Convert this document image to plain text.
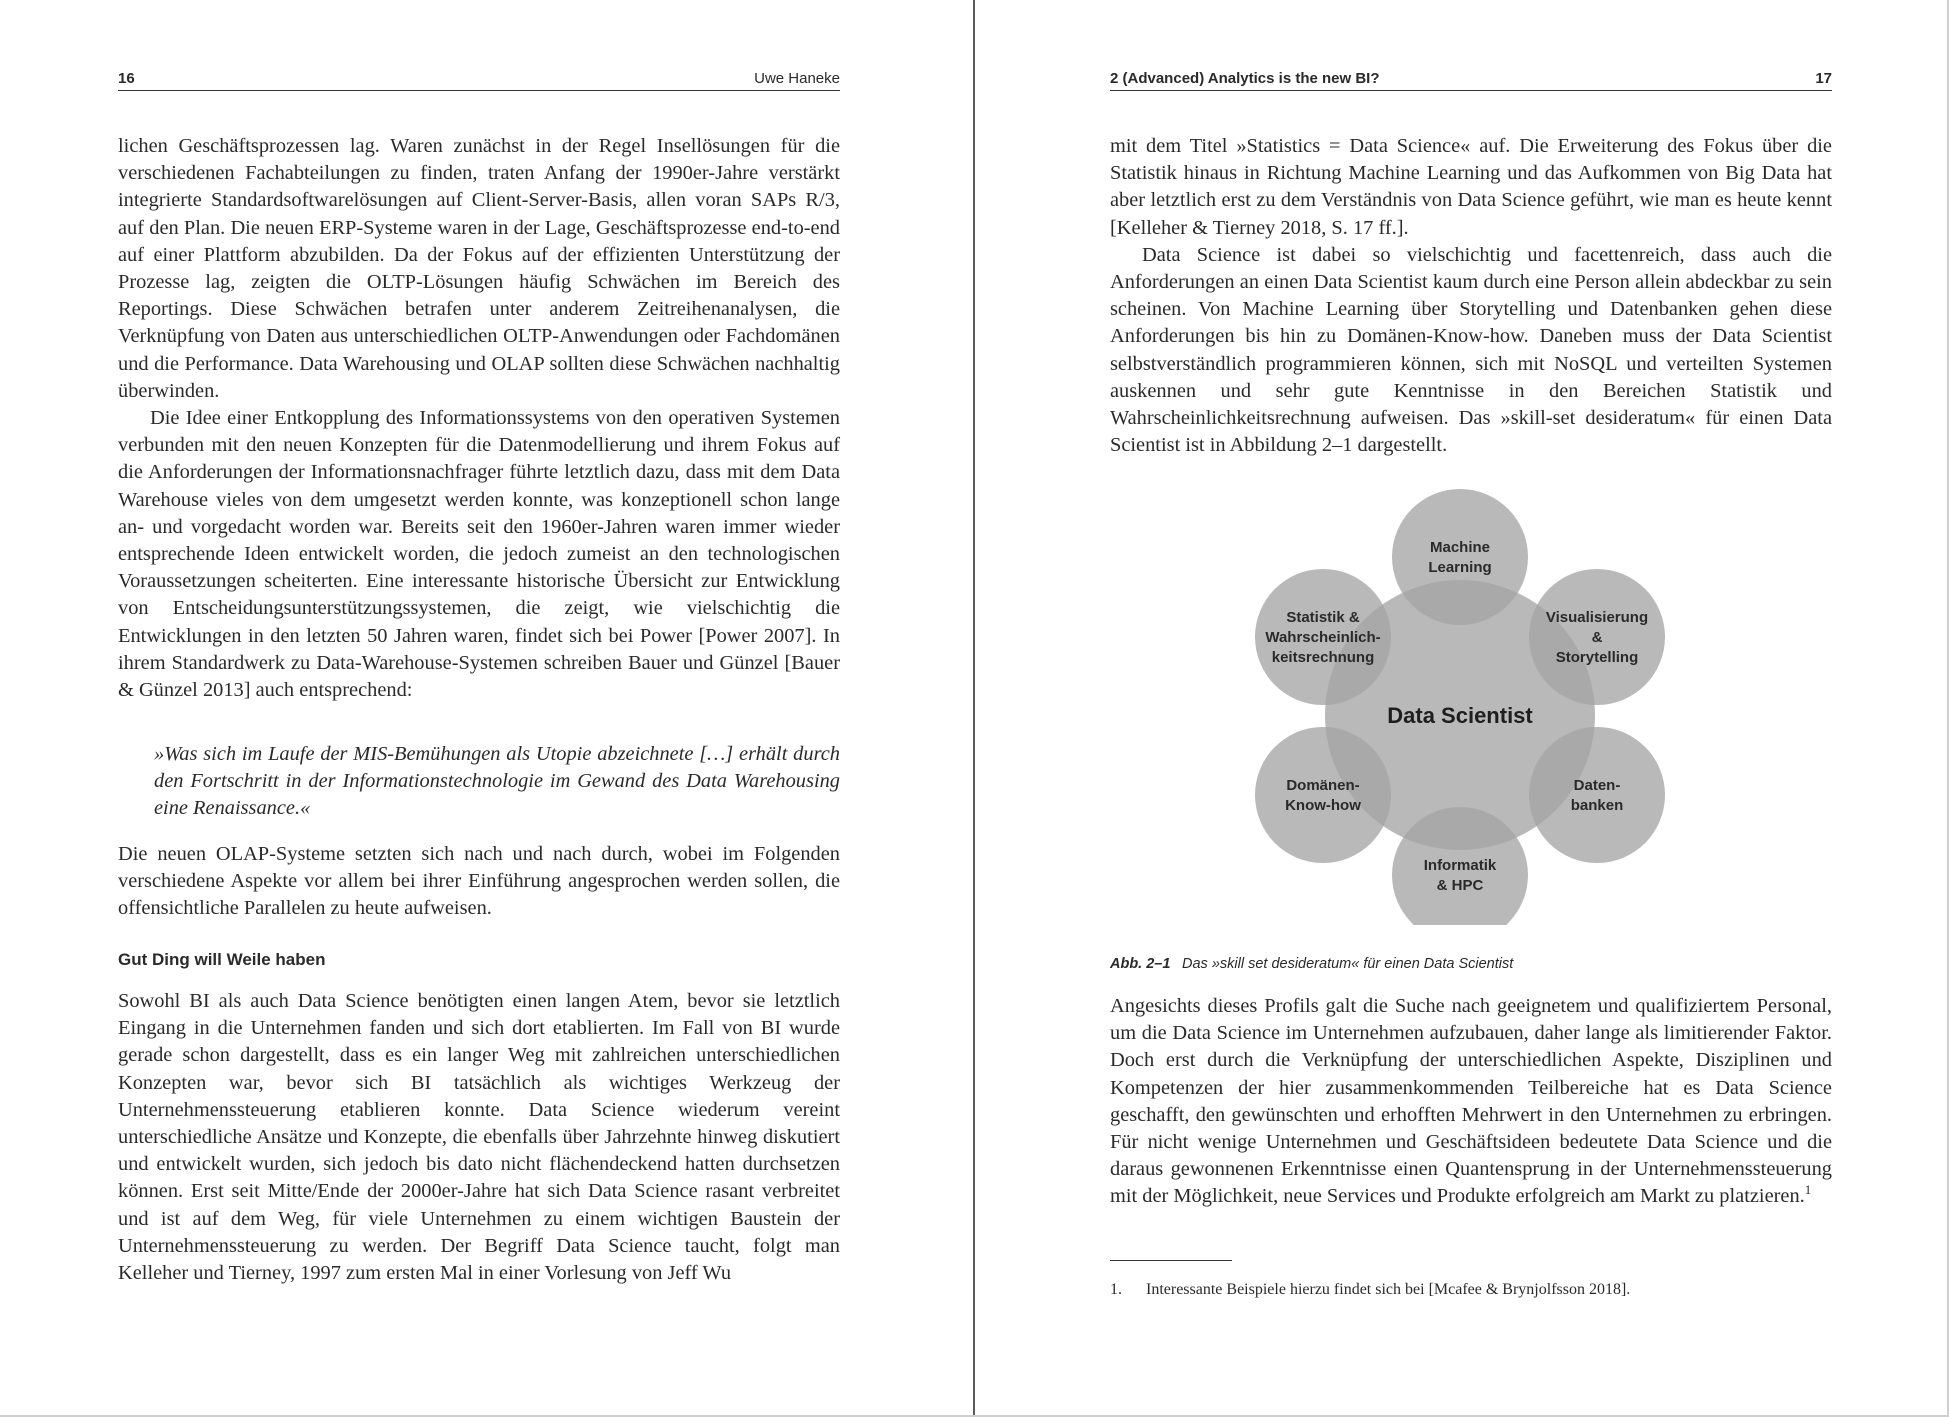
16	Uwe Haneke

lichen Geschäftsprozessen lag. Waren zunächst in der Regel Insellösungen für die verschiedenen Fachabteilungen zu finden, traten Anfang der 1990er-Jahre verstärkt integrierte Standardsoftwarelösungen auf Client-Server-Basis, allen voran SAPs R/3, auf den Plan. Die neuen ERP-Systeme waren in der Lage, Geschäftsprozesse end-to-end auf einer Plattform abzubilden. Da der Fokus auf der effizienten Unterstützung der Prozesse lag, zeigten die OLTP-Lösungen häufig Schwächen im Bereich des Reportings. Diese Schwächen betrafen unter anderem Zeitreihenanalysen, die Verknüpfung von Daten aus unterschiedlichen OLTP-Anwendungen oder Fachdomänen und die Performance. Data Warehousing und OLAP sollten diese Schwächen nachhaltig überwinden.

Die Idee einer Entkopplung des Informationssystems von den operativen Systemen verbunden mit den neuen Konzepten für die Datenmodellierung und ihrem Fokus auf die Anforderungen der Informationsnachfrager führte letztlich dazu, dass mit dem Data Warehouse vieles von dem umgesetzt werden konnte, was konzeptionell schon lange an- und vorgedacht worden war. Bereits seit den 1960er-Jahren waren immer wieder entsprechende Ideen entwickelt worden, die jedoch zumeist an den technologischen Voraussetzungen scheiterten. Eine interessante historische Übersicht zur Entwicklung von Entscheidungsunterstützungssystemen, die zeigt, wie vielschichtig die Entwicklungen in den letzten 50 Jahren waren, findet sich bei Power [Power 2007]. In ihrem Standardwerk zu Data-Warehouse-Systemen schreiben Bauer und Günzel [Bauer & Günzel 2013] auch entsprechend:

»Was sich im Laufe der MIS-Bemühungen als Utopie abzeichnete […] erhält durch den Fortschritt in der Informationstechnologie im Gewand des Data Warehousing eine Renaissance.«

Die neuen OLAP-Systeme setzten sich nach und nach durch, wobei im Folgenden verschiedene Aspekte vor allem bei ihrer Einführung angesprochen werden sollen, die offensichtliche Parallelen zu heute aufweisen.

Gut Ding will Weile haben

Sowohl BI als auch Data Science benötigten einen langen Atem, bevor sie letztlich Eingang in die Unternehmen fanden und sich dort etablierten. Im Fall von BI wurde gerade schon dargestellt, dass es ein langer Weg mit zahlreichen unterschiedlichen Konzepten war, bevor sich BI tatsächlich als wichtiges Werkzeug der Unternehmenssteuerung etablieren konnte. Data Science wiederum vereint unterschiedliche Ansätze und Konzepte, die ebenfalls über Jahrzehnte hinweg diskutiert und entwickelt wurden, sich jedoch bis dato nicht flächendeckend hatten durchsetzen können. Erst seit Mitte/Ende der 2000er-Jahre hat sich Data Science rasant verbreitet und ist auf dem Weg, für viele Unternehmen zu einem wichtigen Baustein der Unternehmenssteuerung zu werden. Der Begriff Data Science taucht, folgt man Kelleher und Tierney, 1997 zum ersten Mal in einer Vorlesung von Jeff Wu

2 (Advanced) Analytics is the new BI?	17

mit dem Titel »Statistics = Data Science« auf. Die Erweiterung des Fokus über die Statistik hinaus in Richtung Machine Learning und das Aufkommen von Big Data hat aber letztlich erst zu dem Verständnis von Data Science geführt, wie man es heute kennt [Kelleher & Tierney 2018, S. 17 ff.].

Data Science ist dabei so vielschichtig und facettenreich, dass auch die Anforderungen an einen Data Scientist kaum durch eine Person allein abdeckbar zu sein scheinen. Von Machine Learning über Storytelling und Datenbanken gehen diese Anforderungen bis hin zu Domänen-Know-how. Daneben muss der Data Scientist selbstverständlich programmieren können, sich mit NoSQL und verteilten Systemen auskennen und sehr gute Kenntnisse in den Bereichen Statistik und Wahrscheinlichkeitsrechnung aufweisen. Das »skill-set desideratum« für einen Data Scientist ist in Abbildung 2–1 dargestellt.

Angesichts dieses Profils galt die Suche nach geeignetem und qualifiziertem Personal, um die Data Science im Unternehmen aufzubauen, daher lange als limitierender Faktor. Doch erst durch die Verknüpfung der unterschiedlichen Aspekte, Disziplinen und Kompetenzen der hier zusammenkommenden Teilbereiche hat es Data Science geschafft, den gewünschten und erhofften Mehrwert in den Unternehmen zu erbringen. Für nicht wenige Unternehmen und Geschäftsideen bedeutete Data Science und die daraus gewonnenen Erkenntnisse einen Quantensprung in der Unternehmenssteuerung mit der Möglichkeit, neue Services und Produkte erfolgreich am Markt zu platzieren.$^1$

Data Scientist
Machine Learning
Visualisierung & Storytelling
Daten-banken
Informatik & HPC
Domänen-Know-how
Statistik & Wahrscheinlich-keitsrechnung
Abb. 2–1 Das »skill set desideratum« für einen Data Scientist
1. Interessante Beispiele hierzu findet sich bei [Mcafee & Brynjolfsson 2018].
